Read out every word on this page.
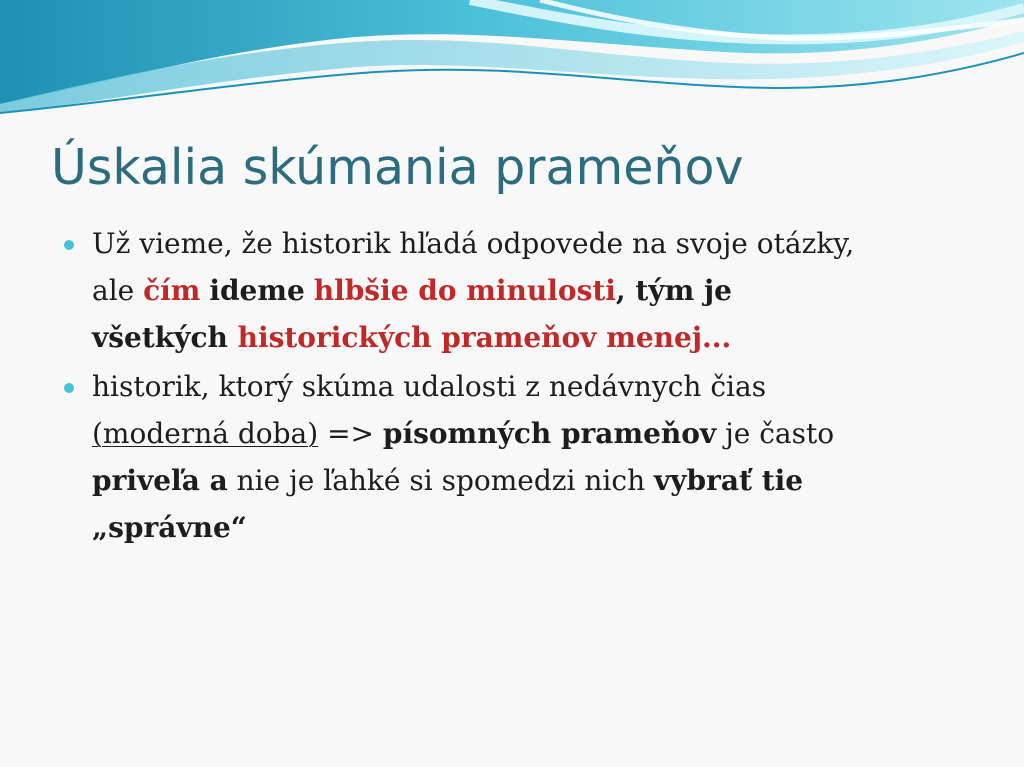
Úskalia skúmania prameňov
Už vieme, že historik hľadá odpovede na svoje otázky,
ale čím ideme hlbšie do minulosti, tým je
všetkých historických prameňov menej...
historik, ktorý skúma udalosti z nedávnych čias
(moderná doba) => písomných prameňov je často
priveľa a nie je ľahké si spomedzi nich vybrať tie
„správne“
